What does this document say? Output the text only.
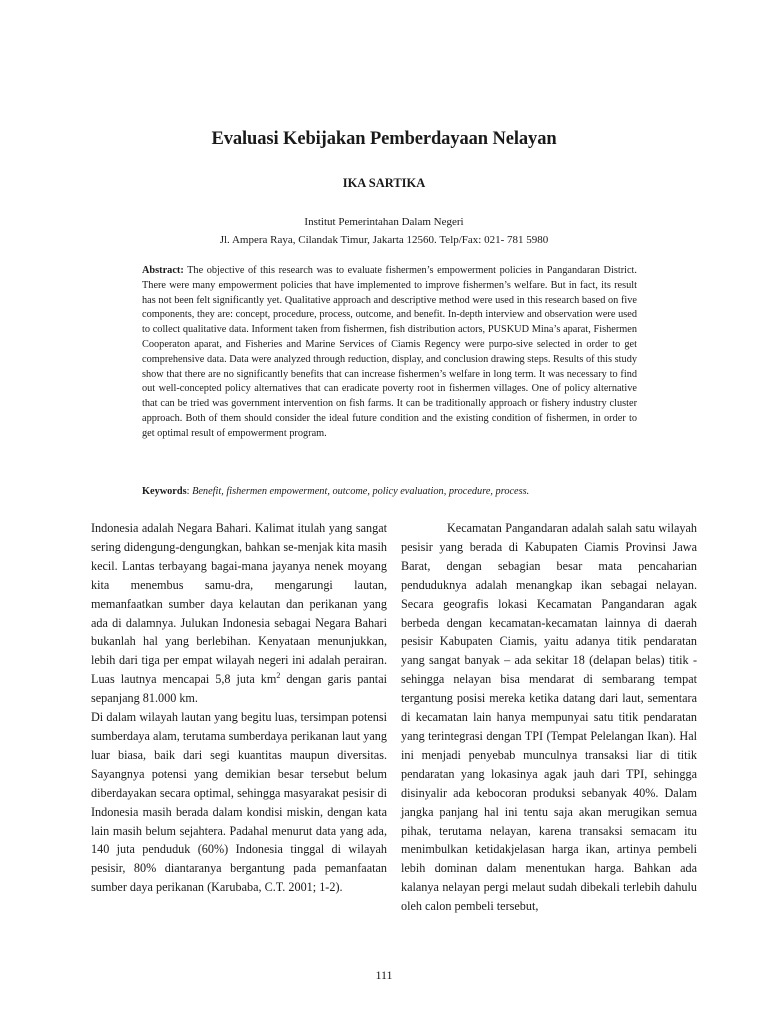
Evaluasi Kebijakan Pemberdayaan Nelayan
IKA SARTIKA
Institut Pemerintahan Dalam Negeri
Jl. Ampera Raya, Cilandak Timur, Jakarta 12560. Telp/Fax: 021- 781 5980
Abstract: The objective of this research was to evaluate fishermen’s empowerment policies in Pangandaran District. There were many empowerment policies that have implemented to improve fishermen’s welfare. But in fact, its result has not been felt significantly yet. Qualitative approach and descriptive method were used in this research based on five components, they are: concept, procedure, process, outcome, and benefit. In-depth interview and observation were used to collect qualitative data. Informent taken from fishermen, fish distribution actors, PUSKUD Mina’s aparat, Fishermen Cooperaton aparat, and Fisheries and Marine Services of Ciamis Regency were purpo-sive selected in order to get comprehensive data. Data were analyzed through reduction, display, and conclusion drawing steps. Results of this study show that there are no significantly benefits that can increase fishermen’s welfare in long term. It was necessary to find out well-concepted policy alternatives that can eradicate poverty root in fishermen villages. One of policy alternative that can be tried was government intervention on fish farms. It can be traditionally approach or fishery industry cluster approach. Both of them should consider the ideal future condition and the existing condition of fishermen, in order to get optimal result of empowerment program.
Keywords: Benefit, fishermen empowerment, outcome, policy evaluation, procedure, process.

Indonesia adalah Negara Bahari. Kalimat itulah yang sangat sering didengung-dengungkan, bahkan se-menjak kita masih kecil. Lantas terbayang bagai-mana jayanya nenek moyang kita menembus samu-dra, mengarungi lautan, memanfaatkan sumber daya kelautan dan perikanan yang ada di dalamnya. Julukan Indonesia sebagai Negara Bahari bukanlah hal yang berlebihan. Kenyataan menunjukkan, lebih dari tiga per empat wilayah negeri ini adalah perairan. Luas lautnya mencapai 5,8 juta $km^2$ dengan garis pantai sepanjang 81.000 km.

Di dalam wilayah lautan yang begitu luas, tersimpan potensi sumberdaya alam, terutama sumberdaya perikanan laut yang luar biasa, baik dari segi kuantitas maupun diversitas. Sayangnya potensi yang demikian besar tersebut belum diberdayakan secara optimal, sehingga masyarakat pesisir di Indonesia masih berada dalam kondisi miskin, dengan kata lain masih belum sejahtera. Padahal menurut data yang ada, 140 juta penduduk (60%) Indonesia tinggal di wilayah pesisir, 80% diantaranya bergantung pada pemanfaatan sumber daya perikanan (Karubaba, C.T. 2001; 1-2).

Kecamatan Pangandaran adalah salah satu wilayah pesisir yang berada di Kabupaten Ciamis Provinsi Jawa Barat, dengan sebagian besar mata pencaharian penduduknya adalah menangkap ikan sebagai nelayan. Secara geografis lokasi Kecamatan Pangandaran agak berbeda dengan kecamatan-kecamatan lainnya di daerah pesisir Kabupaten Ciamis, yaitu adanya titik pendaratan yang sangat banyak – ada sekitar 18 (delapan belas) titik - sehingga nelayan bisa mendarat di sembarang tempat tergantung posisi mereka ketika datang dari laut, sementara di kecamatan lain hanya mempunyai satu titik pendaratan yang terintegrasi dengan TPI (Tempat Pelelangan Ikan). Hal ini menjadi penyebab munculnya transaksi liar di titik pendaratan yang lokasinya agak jauh dari TPI, sehingga disinyalir ada kebocoran produksi sebanyak 40%. Dalam jangka panjang hal ini tentu saja akan merugikan semua pihak, terutama nelayan, karena transaksi semacam itu menimbulkan ketidakjelasan harga ikan, artinya pembeli lebih dominan dalam menentukan harga. Bahkan ada kalanya nelayan pergi melaut sudah dibekali terlebih dahulu oleh calon pembeli tersebut,

111
